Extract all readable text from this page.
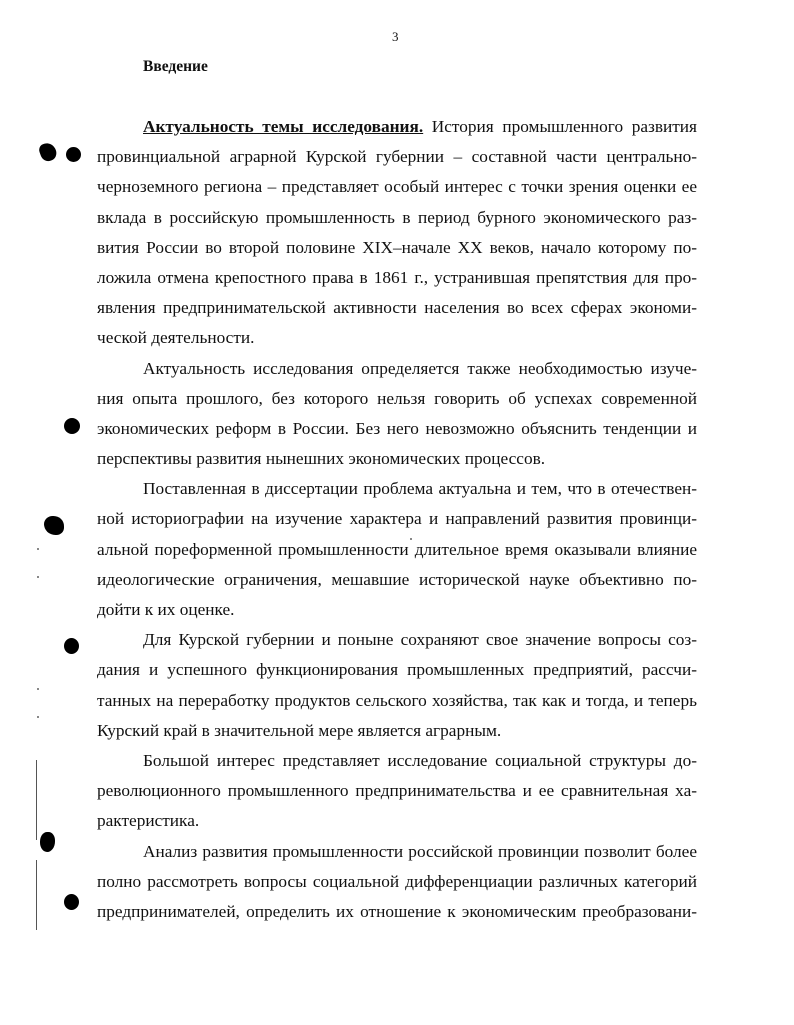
3
Введение
Актуальность темы исследования. История промышленного развития
провинциальной аграрной Курской губернии – составной части центрально-
черноземного региона – представляет особый интерес с точки зрения оценки ее
вклада в российскую промышленность в период бурного экономического раз-
вития России во второй половине XIX–начале XX веков, начало которому по-
ложила отмена крепостного права в 1861 г., устранившая препятствия для про-
явления предпринимательской активности населения во всех сферах экономи-
ческой деятельности.
Актуальность исследования определяется также необходимостью изуче-
ния опыта прошлого, без которого нельзя говорить об успехах современной
экономических реформ в России. Без него невозможно объяснить тенденции и
перспективы развития нынешних экономических процессов.
Поставленная в диссертации проблема актуальна и тем, что в отечествен-
ной историографии на изучение характера и направлений развития провинци-
альной пореформенной промышленности длительное время оказывали влияние
идеологические ограничения, мешавшие исторической науке объективно по-
дойти к их оценке.
Для Курской губернии и поныне сохраняют свое значение вопросы соз-
дания и успешного функционирования промышленных предприятий, рассчи-
танных на переработку продуктов сельского хозяйства, так как и тогда, и теперь
Курский край в значительной мере является аграрным.
Большой интерес представляет исследование социальной структуры до-
революционного промышленного предпринимательства и ее сравнительная ха-
рактеристика.
Анализ развития промышленности российской провинции позволит более
полно рассмотреть вопросы социальной дифференциации различных категорий
предпринимателей, определить их отношение к экономическим преобразовани-
